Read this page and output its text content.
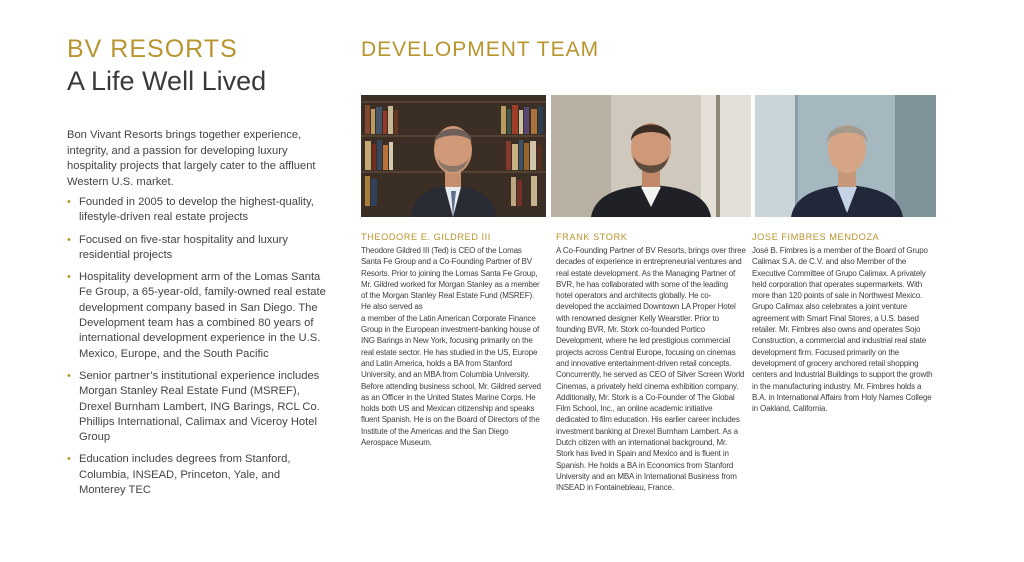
BV RESORTS
A Life Well Lived

Bon Vivant Resorts brings together experience, integrity, and a passion for developing luxury hospitality projects that largely cater to the affluent Western U.S. market.

• Founded in 2005 to develop the highest-quality, lifestyle-driven real estate projects
• Focused on five-star hospitality and luxury residential projects
• Hospitality development arm of the Lomas Santa Fe Group, a 65-year-old, family-owned real estate development company based in San Diego. The Development team has a combined 80 years of international development experience in the U.S. Mexico, Europe, and the South Pacific
• Senior partner’s institutional experience includes Morgan Stanley Real Estate Fund (MSREF), Drexel Burnham Lambert, ING Barings, RCL Co. Phillips International, Calimax and Viceroy Hotel Group
• Education includes degrees from Stanford, Columbia, INSEAD, Princeton, Yale, and Monterey TEC
DEVELOPMENT TEAM
THEODORE E. GILDRED III
Theodore Gildred III (Ted) is CEO of the Lomas Santa Fe Group and a Co-Founding Partner of BV Resorts. Prior to joining the Lomas Santa Fe Group, Mr. Gildred worked for Morgan Stanley as a member of the Morgan Stanley Real Estate Fund (MSREF). He also served as
a member of the Latin American Corporate Finance Group in the European investment-banking house of ING Barings in New York, focusing primarily on the real estate sector. He has studied in the US, Europe and Latin America, holds a BA from Stanford University, and an MBA from Columbia University.
Before attending business school, Mr. Gildred served as an Officer in the United States Marine Corps. He holds both US and Mexican citizenship and speaks fluent Spanish. He is on the Board of Directors of the Institute of the Americas and the San Diego Aerospace Museum.
FRANK STORK
A Co-Founding Partner of BV Resorts, brings over three decades of experience in entrepreneurial ventures and real estate development. As the Managing Partner of BVR, he has collaborated with some of the leading hotel operators and architects globally. He co-developed the acclaimed Downtown LA Proper Hotel with renowned designer Kelly Wearstler. Prior to founding BVR, Mr. Stork co-founded Portico Development, where he led prestigious commercial projects across Central Europe, focusing on cinemas and innovative entertainment-driven retail concepts. Concurrently, he served as CEO of Silver Screen World Cinemas, a privately held cinema exhibition company. Additionally, Mr. Stork is a Co-Founder of The Global Film School, Inc., an online academic initiative dedicated to film education. His earlier career includes investment banking at Drexel Burnham Lambert. As a Dutch citizen with an international background, Mr. Stork has lived in Spain and Mexico and is fluent in Spanish. He holds a BA in Economics from Stanford University and an MBA in International Business from INSEAD in Fontainebleau, France.
JOSE FIMBRES MENDOZA
José B. Fimbres is a member of the Board of Grupo Calimax S.A. de C.V. and also Member of the Executive Committee of Grupo Calimax. A privately held corporation that operates supermarkets. With more than 120 points of sale in Northwest Mexico. Grupo Calimax also celebrates a joint venture agreement with Smart Final Stores, a U.S. based retailer. Mr. Fimbres also owns and operates Sojo Construction, a commercial and industrial real state development firm. Focused primarily on the development of grocery anchored retail shopping centers and Industrial Buildings to support the growth in the manufacturing industry. Mr. Fimbres holds a
B.A. in International Affairs from Holy Names College in Oakland, California.
